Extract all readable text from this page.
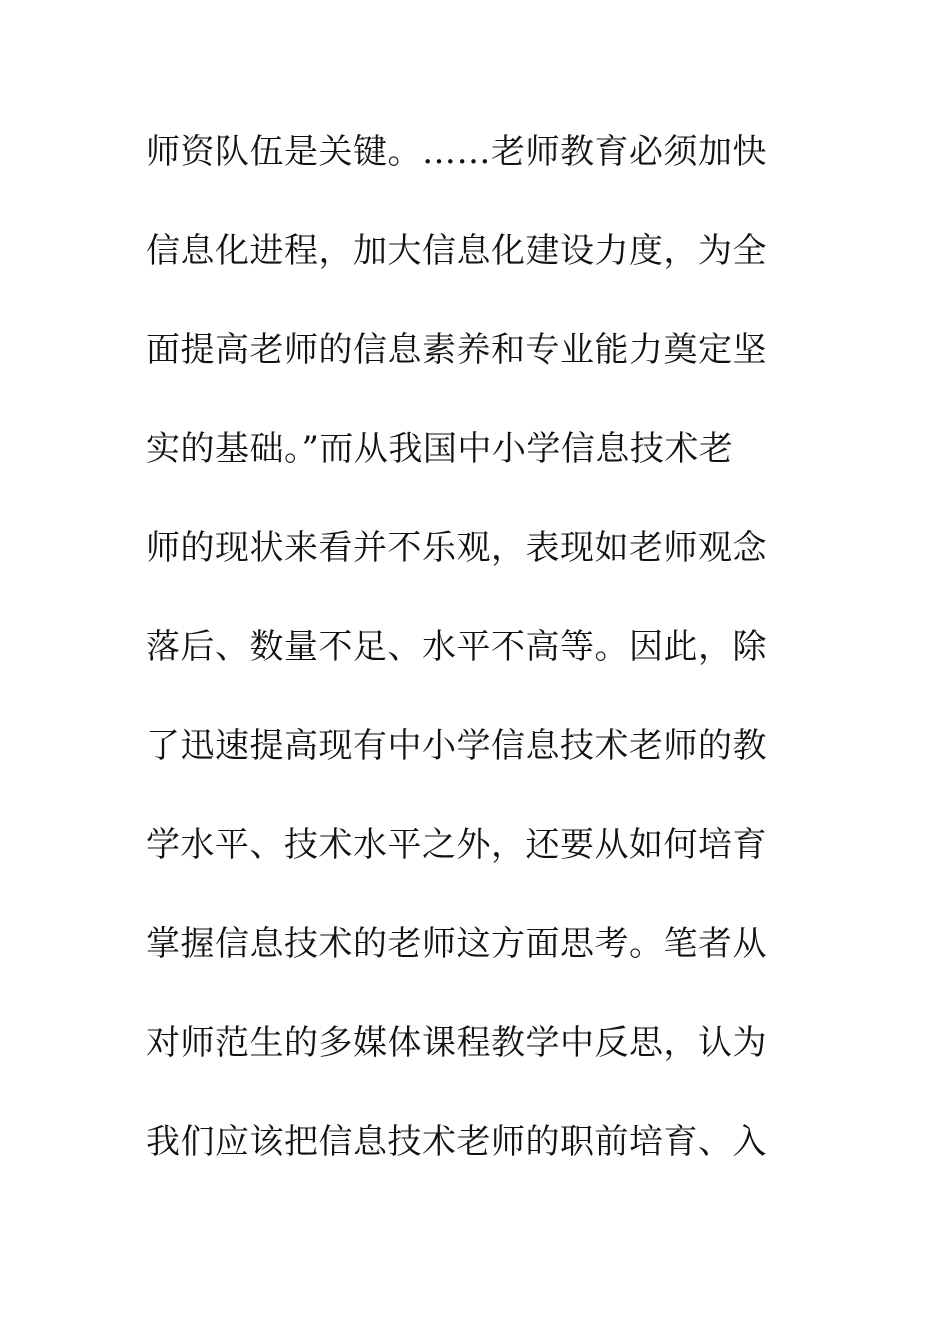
师资队伍是关键。……老师教育必须加快
信息化进程，加大信息化建设力度，为全
面提高老师的信息素养和专业能力奠定坚
实的基础。”而从我国中小学信息技术老
师的现状来看并不乐观，表现如老师观念
落后、数量不足、水平不高等。因此，除
了迅速提高现有中小学信息技术老师的教
学水平、技术水平之外，还要从如何培育
掌握信息技术的老师这方面思考。笔者从
对师范生的多媒体课程教学中反思，认为
我们应该把信息技术老师的职前培育、入
